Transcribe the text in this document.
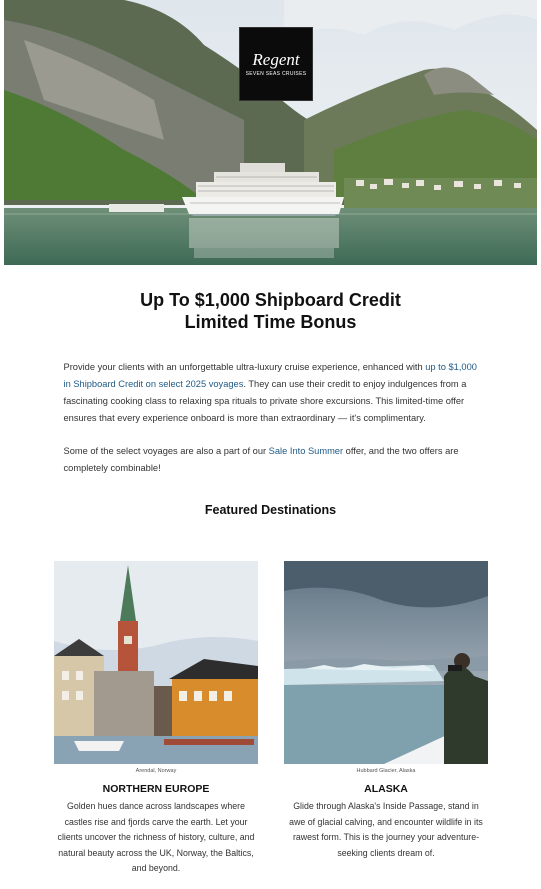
Regent
SEVEN SEAS CRUISES
Up To $1,000 Shipboard Credit
Limited Time Bonus

Provide your clients with an unforgettable ultra-luxury cruise experience, enhanced with up to $1,000 in Shipboard Credit on select 2025 voyages. They can use their credit to enjoy indulgences from a fascinating cooking class to relaxing spa rituals to private shore excursions. This limited-time offer ensures that every experience onboard is more than extraordinary — it's complimentary.

Some of the select voyages are also a part of our Sale Into Summer offer, and the two offers are completely combinable!

Featured Destinations
Arendal, Norway
NORTHERN EUROPE
Golden hues dance across landscapes where castles rise and fjords carve the earth. Let your clients uncover the richness of history, culture, and natural beauty across the UK, Norway, the Baltics, and beyond.
Hubbard Glacier, Alaska
ALASKA
Glide through Alaska's Inside Passage, stand in awe of glacial calving, and encounter wildlife in its rawest form. This is the journey your adventure-seeking clients dream of.
